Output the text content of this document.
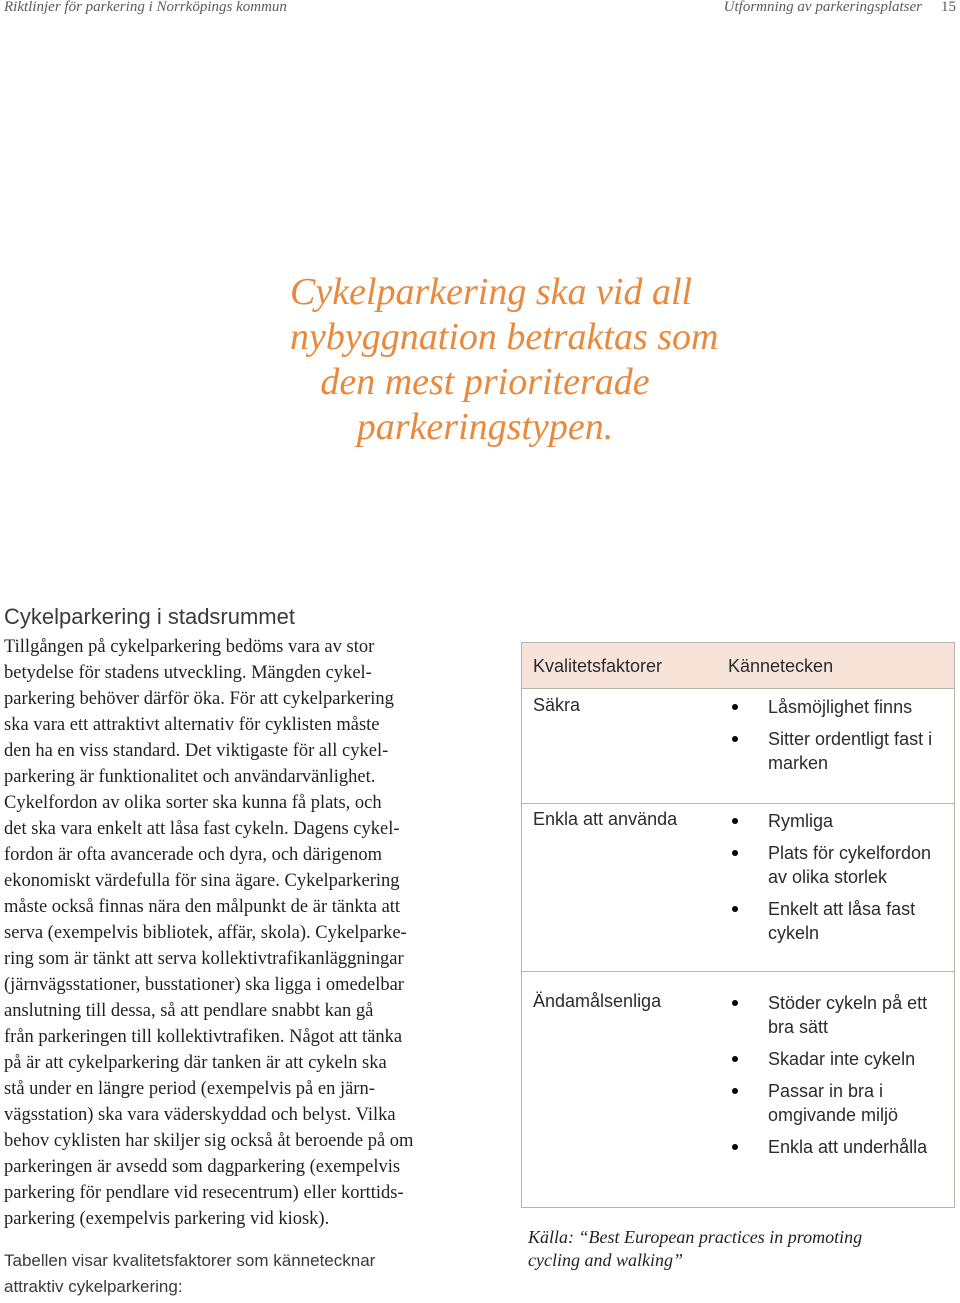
Riktlinjer för parkering i Norrköpings kommun	Utformning av parkeringsplatser 15
Cykelparkering ska vid all
nybyggnation betraktas som
den mest prioriterade
parkeringstypen.
Cykelparkering i stadsrummet
Tillgången på cykelparkering bedöms vara av stor
betydelse för stadens utveckling. Mängden cykel-
parkering behöver därför öka. För att cykelparkering
ska vara ett attraktivt alternativ för cyklisten måste
den ha en viss standard. Det viktigaste för all cykel-
parkering är funktionalitet och användarvänlighet.
Cykelfordon av olika sorter ska kunna få plats, och
det ska vara enkelt att låsa fast cykeln. Dagens cykel-
fordon är ofta avancerade och dyra, och därigenom
ekonomiskt värdefulla för sina ägare. Cykelparkering
måste också finnas nära den målpunkt de är tänkta att
serva (exempelvis bibliotek, affär, skola). Cykelparke-
ring som är tänkt att serva kollektivtrafikanläggningar
(järnvägsstationer, busstationer) ska ligga i omedelbar
anslutning till dessa, så att pendlare snabbt kan gå
från parkeringen till kollektivtrafiken. Något att tänka
på är att cykelparkering där tanken är att cykeln ska
stå under en längre period (exempelvis på en järn-
vägsstation) ska vara väderskyddad och belyst. Vilka
behov cyklisten har skiljer sig också åt beroende på om
parkeringen är avsedd som dagparkering (exempelvis
parkering för pendlare vid resecentrum) eller korttids-
parkering (exempelvis parkering vid kiosk).
Tabellen visar kvalitetsfaktorer som kännetecknar
attraktiv cykelparkering:
Kvalitetsfaktorer	Kännetecken
Säkra	Låsmöjlighet finns
Sitter ordentligt fast i marken
Enkla att använda	Rymliga
Plats för cykelfordon av olika storlek
Enkelt att låsa fast cykeln
Ändamålsenliga	Stöder cykeln på ett bra sätt
Skadar inte cykeln
Passar in bra i omgivande miljö
Enkla att underhålla
Källa: “Best European practices in promoting
cycling and walking”
